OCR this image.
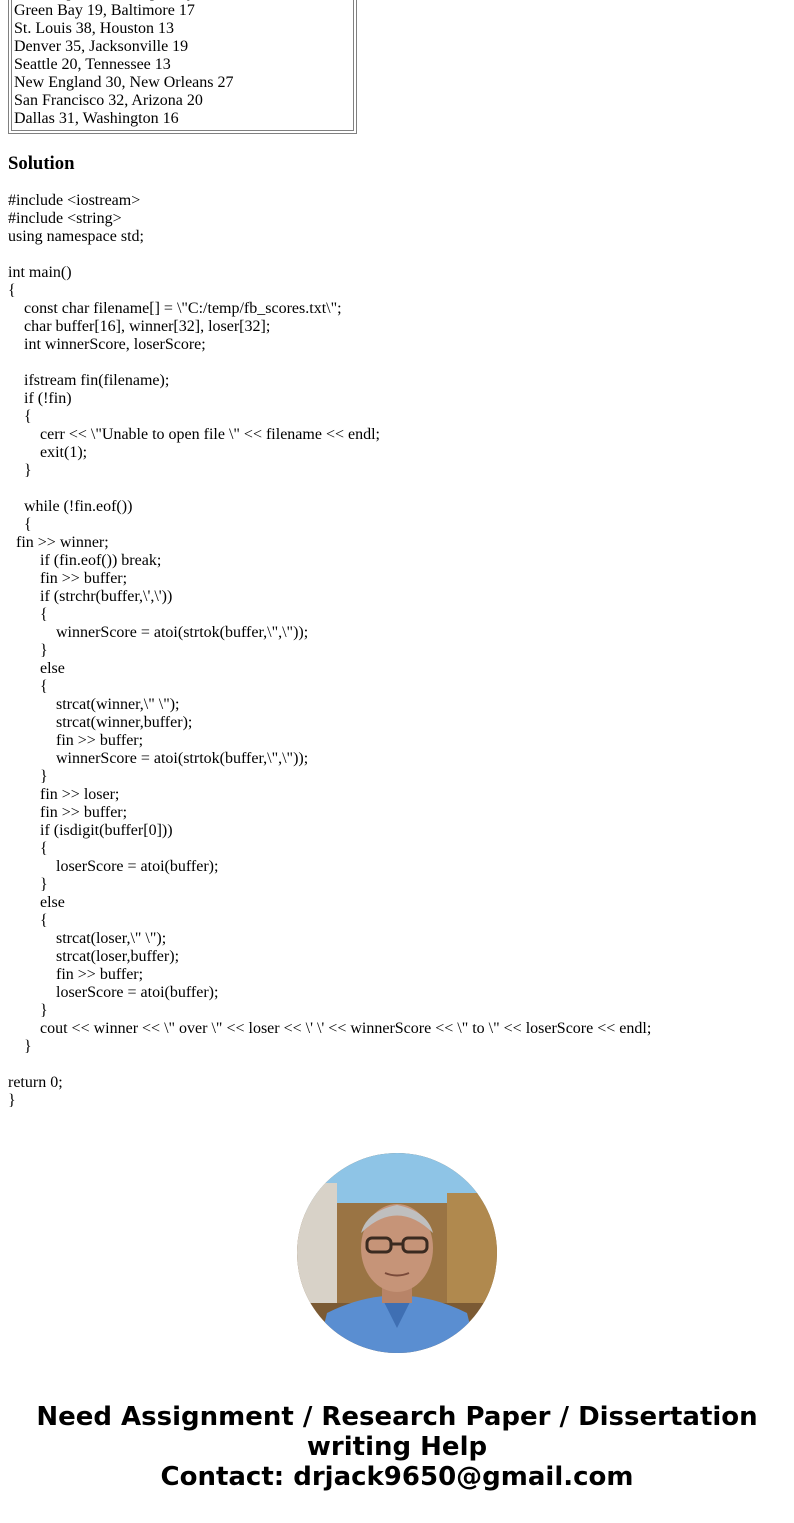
Green Bay 19, Baltimore 17
St. Louis 38, Houston 13
Denver 35, Jacksonville 19
Seattle 20, Tennessee 13
New England 30, New Orleans 27
San Francisco 32, Arizona 20
Dallas 31, Washington 16
Solution
#include <iostream>
#include <string>
using namespace std;
int main()
{
const char filename[] = \"C:/temp/fb_scores.txt\";
char buffer[16], winner[32], loser[32];
int winnerScore, loserScore;
ifstream fin(filename);
if (!fin)
{
cerr << \"Unable to open file \" << filename << endl;
exit(1);
}
while (!fin.eof())
{
fin >> winner;
if (fin.eof()) break;
fin >> buffer;
if (strchr(buffer,\',\'))
{
winnerScore = atoi(strtok(buffer,\",\"));
}
else
{
strcat(winner,\" \");
strcat(winner,buffer);
fin >> buffer;
winnerScore = atoi(strtok(buffer,\",\"));
}
fin >> loser;
fin >> buffer;
if (isdigit(buffer[0]))
{
loserScore = atoi(buffer);
}
else
{
strcat(loser,\" \");
strcat(loser,buffer);
fin >> buffer;
loserScore = atoi(buffer);
}
cout << winner << \" over \" << loser << \' \' << winnerScore << \" to \" << loserScore << endl;
}
return 0;
}
Need Assignment / Research Paper / Dissertation
writing Help
Contact: drjack9650@gmail.com
